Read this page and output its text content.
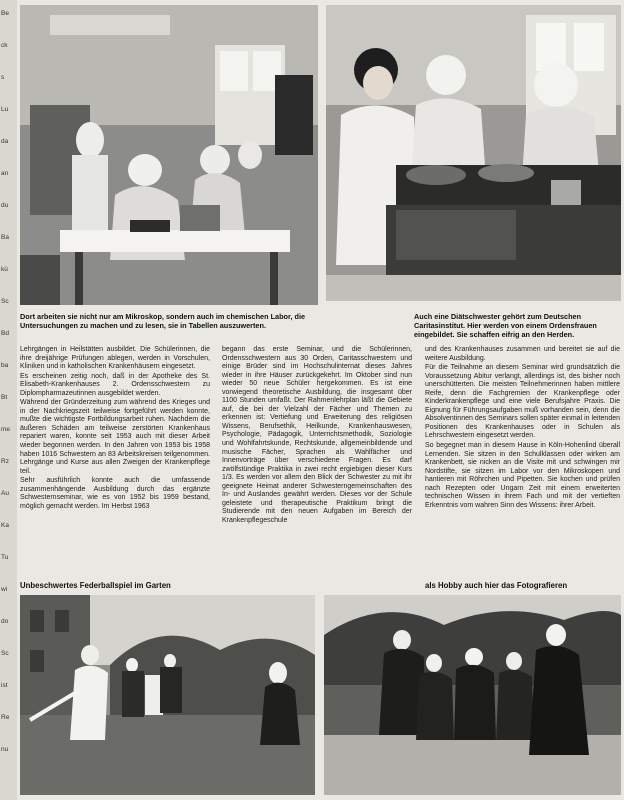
Be
ck
s
Lu
da
an
du
Ba
kü
Sc
Bd
ba
Bt
me
Rz
Au
Ka
Tu
wi
do
Sc
ist
Re
nu
Dort arbeiten sie nicht nur am Mikroskop, sondern auch im chemischen Labor, die Untersuchungen zu machen und zu lesen, sie in Tabellen auszuwerten.
Auch eine Diätschwester gehört zum Deutschen Caritasinstitut. Hier werden von einem Ordensfrauen eingebildet. Sie schaffen eifrig an den Herden.

Lehrgängen in Heilstätten ausbildet. Die Schülerinnen, die ihre dreijährige Prüfungen ablegen, werden in Vorschulen, Kliniken und in katholischen Krankenhäusern eingesetzt.

Es erscheinen zeitig noch, daß in der Apotheke des St. Elisabeth-Krankenhauses 2. Ordensschwestern zu Diplompharmazeutinnen ausgebildet werden.

Während der Gründerzeitung zum während des Krieges und in der Nachkriegszeit teilweise fortgeführt werden konnte, mußte die wichtigste Fortbildungsarbeit ruhen. Nachdem die äußeren Schäden am teilweise zerstörten Krankenhaus repariert waren, konnte seit 1953 auch mit dieser Arbeit wieder begonnen werden. In den Jahren von 1953 bis 1958 haben 1016 Schwestern an 83 Arbeitskreisen teilgenommen. Lehrgänge und Kurse aus allen Zweigen der Krankenpflege teil.

Sehr ausführlich konnte auch die umfassende zusammenhängende Ausbildung durch das ergänzte Schwesternseminar, wie es von 1952 bis 1959 bestand, möglich gemacht werden. Im Herbst 1963

begann das erste Seminar, und die Schülerinnen, Ordensschwestern aus 30 Orden, Caritasschwestern und einige Brüder sind im Hochschulinternat dieses Jahres wieder in ihre Häuser zurückgekehrt. Im Oktober sind nun wieder 50 neue Schüler hergekommen. Es ist eine vorwiegend theoretische Ausbildung, die insgesamt über 1100 Stunden umfaßt. Der Rahmenlehrplan läßt die Gebiete auf, die bei der Vielzahl der Fächer und Themen zu erkennen ist: Vertiefung und Erweiterung des religiösen Wissens, Berufsethik, Heilkunde, Krankenhauswesen, Psychologie, Pädagogik, Unterrichtsmethodik, Soziologie und Wohlfahrtskunde, Rechtskunde, allgemeinbildende und musische Fächer, Sprachen als Wahlfächer und Innenvorträge über verschiedene Fragen. Es darf zwölfstündige Praktika in zwei recht ergiebigen dieser Kurs 1/3. Es werden vor allem den Blick der Schwester zu mit ihr geeignete Heimat anderer Schwesterngemeinschaften des In- und Auslandes gewährt werden. Dieses vor der Schule geleistete und therapeutische Praktikum bringt die Studierende mit den neuen Aufgaben im Bereich der Krankenpflegeschule

und des Krankenhauses zusammen und bereitet sie auf die weitere Ausbildung.

Für die Teilnahme an diesem Seminar wird grundsätzlich die Voraussetzung Abitur verlangt, allerdings ist, des bisher noch unerschütterten. Die meisten Teilnehmerinnen haben mittlere Reife, denn die Fachgremien der Krankenpflege oder Kinderkrankenpflege und eine viele Berufsjahre Praxis. Die Eignung für Führungsaufgaben muß vorhanden sein, denn die Absolventinnen des Seminars sollen später einmal in leitenden Positionen des Krankenhauses oder in Schulen als Lehrschwestern eingesetzt werden.

So begegnet man in diesem Hause in Köln-Hohenlind überall Lernenden. Sie sitzen in den Schulklassen oder wirken am Krankenbett, sie nicken an die Visite mit und schwingen mir Nordstifte, sie sitzen im Labor vor den Mikroskopen und hantieren mit Röhrchen und Pipetten. Sie kochen und prüfen nach Rezepten oder Ungarn Zeit mit einem erweiterten technischen Wissen in ihrem Fach und mit der vertieften Erkenntnis vom wahren Sinn des Wissens: ihrer Arbeit.

Unbeschwertes Federballspiel im Garten	als Hobby auch hier das Fotografieren
